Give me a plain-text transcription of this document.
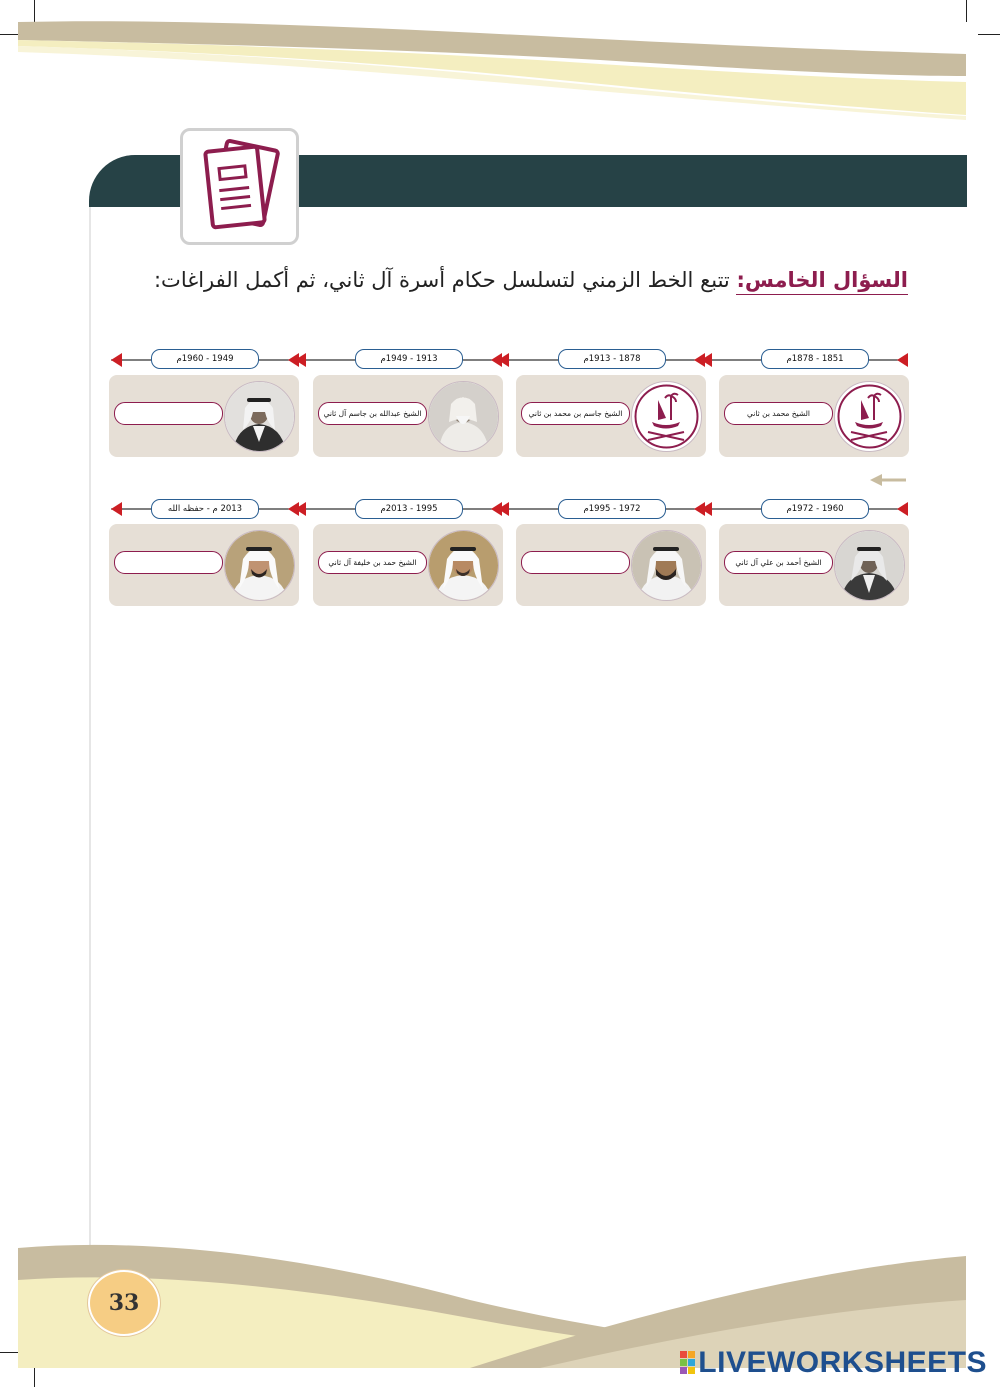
السؤال الخامس: تتبع الخط الزمني لتسلسل حكام أسرة آل ثاني، ثم أكمل الفراغات:
1851 - 1878م
1878 - 1913م
1913 - 1949م
1949 - 1960م
الشيخ محمد بن ثاني
الشيخ جاسم بن محمد بن ثاني
الشيخ عبدالله بن جاسم آل ثاني
1960 - 1972م
1972 - 1995م
1995 - 2013م
2013 م - حفظه الله
الشيخ أحمد بن علي آل ثاني
الشيخ حمد بن خليفة آل ثاني
33
LIVEWORKSHEETS
